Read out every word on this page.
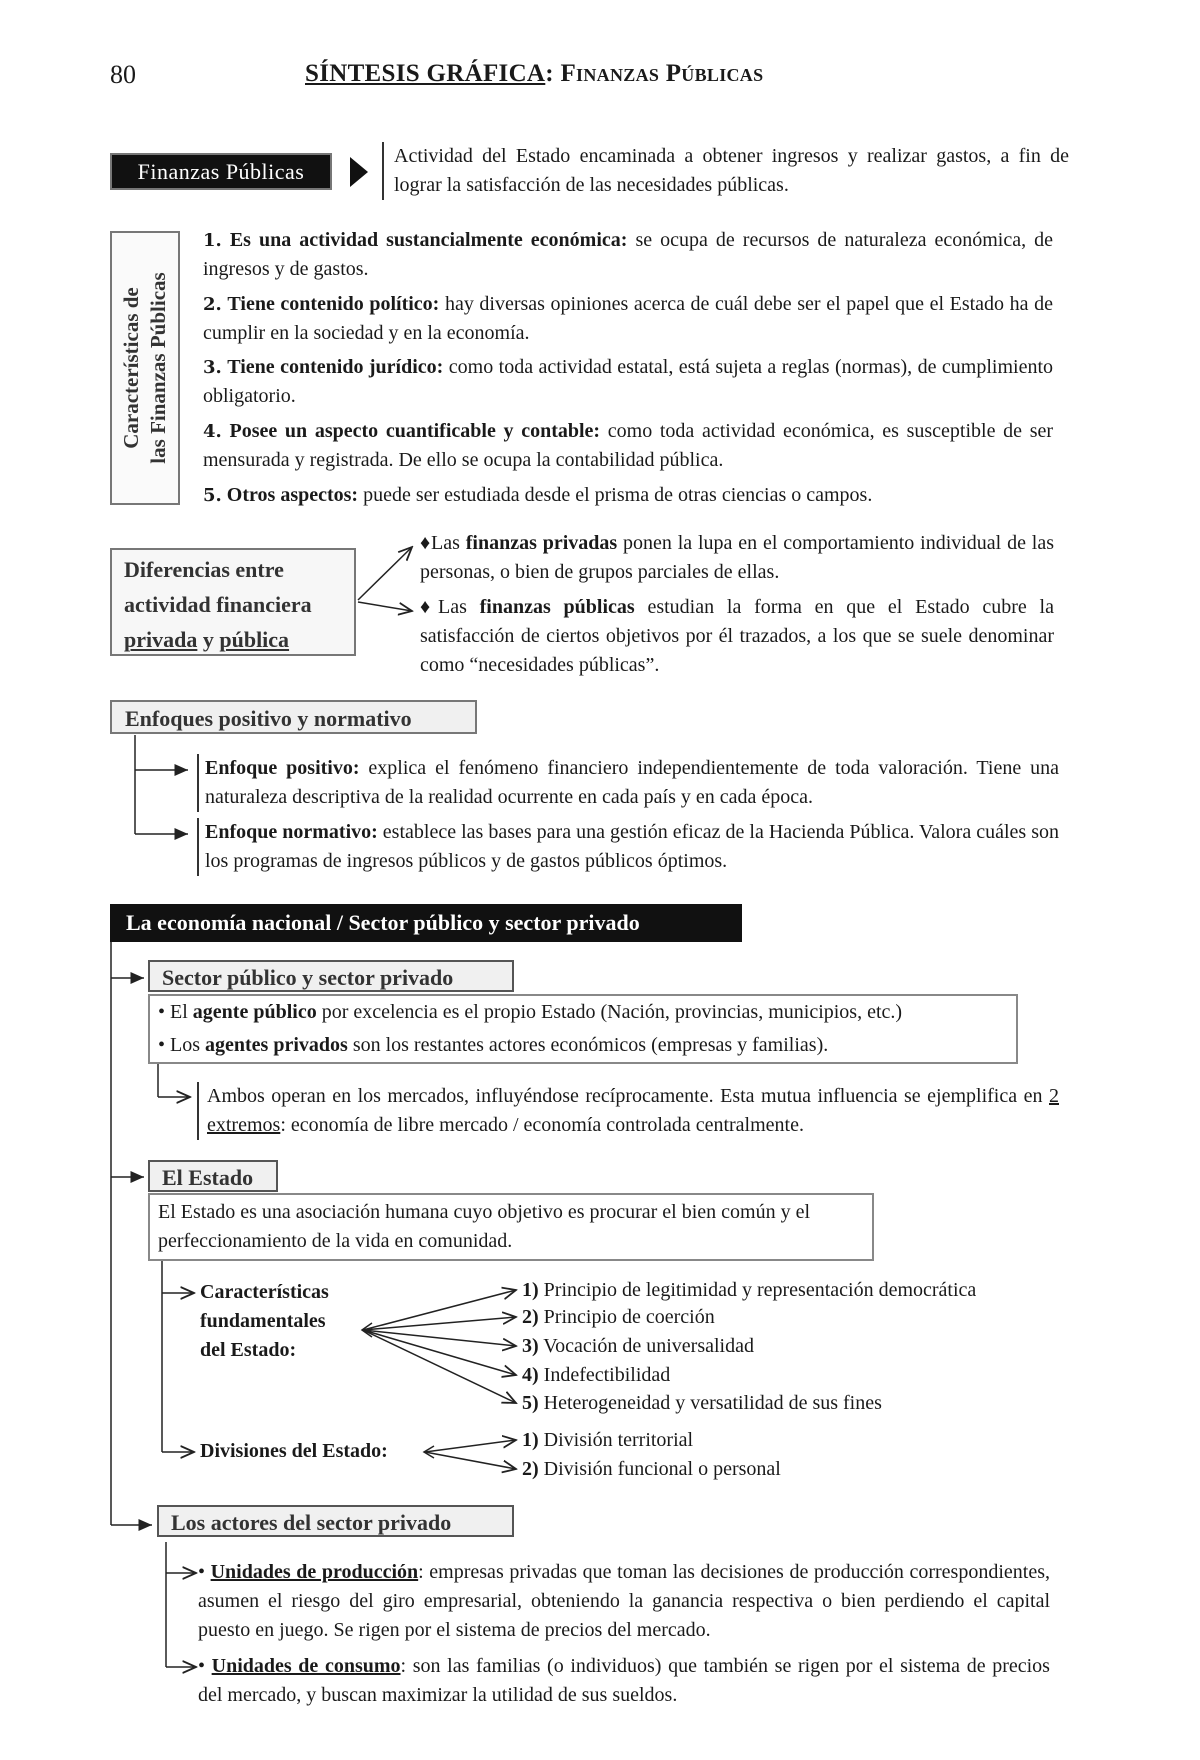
80	SÍNTESIS GRÁFICA: Finanzas Públicas
Finanzas Públicas
Actividad del Estado encaminada a obtener ingresos y realizar gastos, a fin de lograr la satisfacción de las necesidades públicas.
Características de las Finanzas Públicas
1. Es una actividad sustancialmente económica: se ocupa de recursos de naturaleza económica, de ingresos y de gastos.
2. Tiene contenido político: hay diversas opiniones acerca de cuál debe ser el papel que el Estado ha de cumplir en la sociedad y en la economía.
3. Tiene contenido jurídico: como toda actividad estatal, está sujeta a reglas (normas), de cumplimiento obligatorio.
4. Posee un aspecto cuantificable y contable: como toda actividad económica, es susceptible de ser mensurada y registrada. De ello se ocupa la contabilidad pública.
5. Otros aspectos: puede ser estudiada desde el prisma de otras ciencias o campos.
Diferencias entre
actividad financiera
privada y pública
♦Las finanzas privadas ponen la lupa en el comportamiento individual de las personas, o bien de grupos parciales de ellas.
♦Las finanzas públicas estudian la forma en que el Estado cubre la satisfacción de ciertos objetivos por él trazados, a los que se suele denominar como “necesidades públicas”.
Enfoques positivo y normativo
Enfoque positivo: explica el fenómeno financiero independientemente de toda valoración. Tiene una naturaleza descriptiva de la realidad ocurrente en cada país y en cada época.
Enfoque normativo: establece las bases para una gestión eficaz de la Hacienda Pública. Valora cuáles son los programas de ingresos públicos y de gastos públicos óptimos.
La economía nacional / Sector público y sector privado
Sector público y sector privado
• El agente público por excelencia es el propio Estado (Nación, provincias, municipios, etc.)
• Los agentes privados son los restantes actores económicos (empresas y familias).
Ambos operan en los mercados, influyéndose recíprocamente. Esta mutua influencia se ejemplifica en 2 extremos: economía de libre mercado / economía controlada centralmente.
El Estado
El Estado es una asociación humana cuyo objetivo es procurar el bien común y el perfeccionamiento de la vida en comunidad.
Características
fundamentales
del Estado:
1) Principio de legitimidad y representación democrática
2) Principio de coerción
3) Vocación de universalidad
4) Indefectibilidad
5) Heterogeneidad y versatilidad de sus fines
Divisiones del Estado:	1) División territorial
2) División funcional o personal
Los actores del sector privado
• Unidades de producción: empresas privadas que toman las decisiones de producción correspondientes, asumen el riesgo del giro empresarial, obteniendo la ganancia respectiva o bien perdiendo el capital puesto en juego. Se rigen por el sistema de precios del mercado.
• Unidades de consumo: son las familias (o individuos) que también se rigen por el sistema de precios del mercado, y buscan maximizar la utilidad de sus sueldos.
